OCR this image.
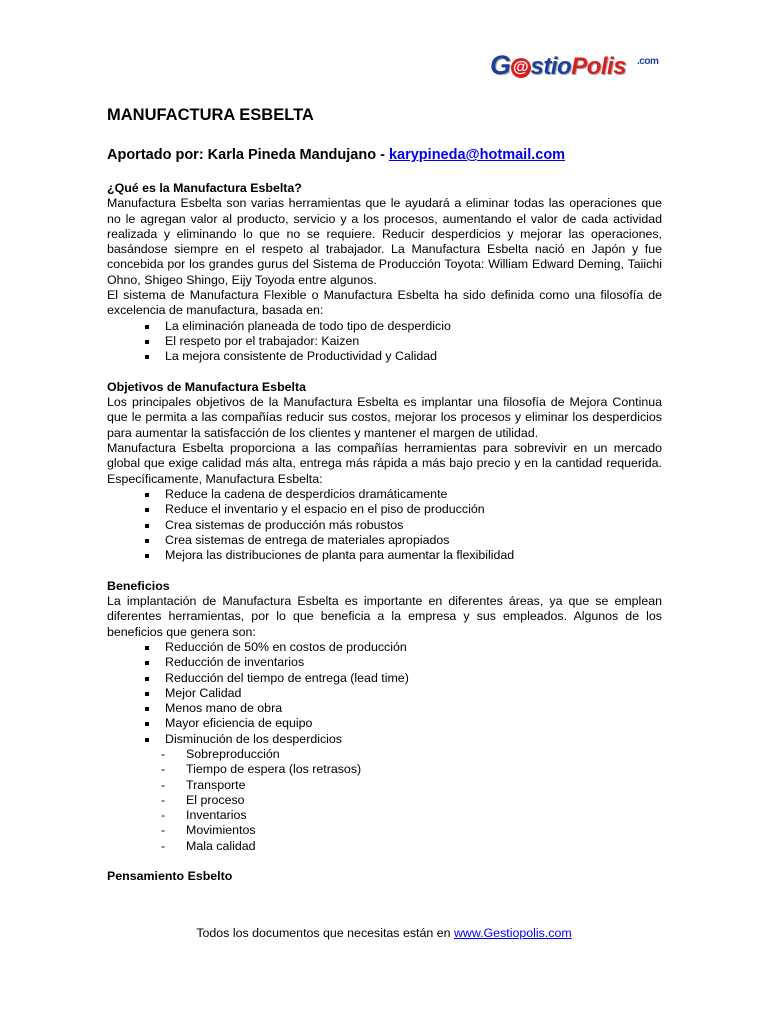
G @ stioPolis .com
MANUFACTURA ESBELTA

Aportado por: Karla Pineda Mandujano - karypineda@hotmail.com

¿Qué es la Manufactura Esbelta?

Manufactura Esbelta son varias herramientas que le ayudará a eliminar todas las operaciones que no le agregan valor al producto, servicio y a los procesos, aumentando el valor de cada actividad realizada y eliminando lo que no se requiere. Reducir desperdicios y mejorar las operaciones, basándose siempre en el respeto al trabajador. La Manufactura Esbelta nació en Japón y fue concebida por los grandes gurus del Sistema de Producción Toyota: William Edward Deming, Taiichi Ohno, Shigeo Shingo, Eijy Toyoda entre algunos.

El sistema de Manufactura Flexible o Manufactura Esbelta ha sido definida como una filosofía de excelencia de manufactura, basada en:

La eliminación planeada de todo tipo de desperdicio
El respeto por el trabajador: Kaizen
La mejora consistente de Productividad y Calidad
Objetivos de Manufactura Esbelta

Los principales objetivos de la Manufactura Esbelta es implantar una filosofía de Mejora Continua que le permita a las compañías reducir sus costos, mejorar los procesos y eliminar los desperdicios para aumentar la satisfacción de los clientes y mantener el margen de utilidad.

Manufactura Esbelta proporciona a las compañías herramientas para sobrevivir en un mercado global que exige calidad más alta, entrega más rápida a más bajo precio y en la cantidad requerida. Específicamente, Manufactura Esbelta:

Reduce la cadena de desperdicios dramáticamente
Reduce el inventario y el espacio en el piso de producción
Crea sistemas de producción más robustos
Crea sistemas de entrega de materiales apropiados
Mejora las distribuciones de planta para aumentar la flexibilidad
Beneficios

La implantación de Manufactura Esbelta es importante en diferentes áreas, ya que se emplean diferentes herramientas, por lo que beneficia a la empresa y sus empleados. Algunos de los beneficios que genera son:

Reducción de 50% en costos de producción
Reducción de inventarios
Reducción del tiempo de entrega (lead time)
Mejor Calidad
Menos mano de obra
Mayor eficiencia de equipo
Disminución de los desperdicios
- Sobreproducción
- Tiempo de espera (los retrasos)
- Transporte
- El proceso
- Inventarios
- Movimientos
- Mala calidad
Pensamiento Esbelto
Todos los documentos que necesitas están en www.Gestiopolis.com
